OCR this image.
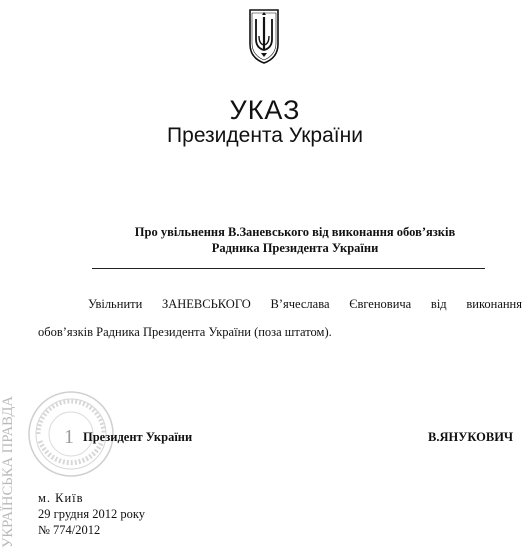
УКАЗ
Президента України
Про увільнення В.Заневського від виконання обов’язків
Радника Президента України
Увільнити ЗАНЕВСЬКОГО В’ячеслава Євгеновича від виконання
обов’язків Радника Президента України (поза штатом).
1 Президент України	В.ЯНУКОВИЧ
м. Київ
29 грудня 2012 року
№ 774/2012
УКРАЇНСЬКА ПРАВДА
